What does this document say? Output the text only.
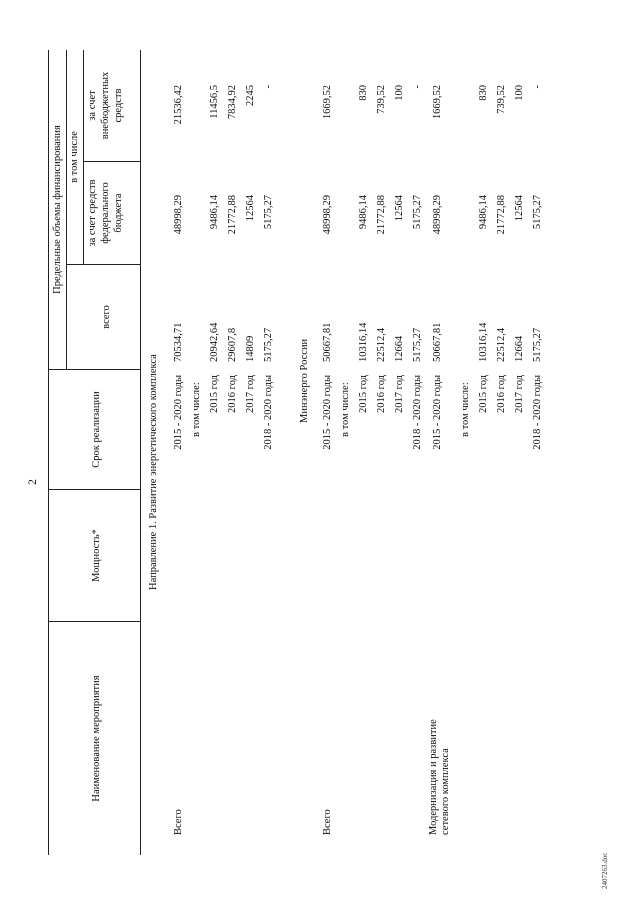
2
Наименование мероприятия
Мощность*
Срок реализации
Предельные объемы финансирования
всего
в том числе
за счет средств федерального бюджета
за счет внебюджетных средств
Направление 1. Развитие энергетического комплекса	Минэнерго России
Всего
2015 - 2020 годы
70534,71
48998,29
21536,42
в том числе: 2015 год
20942,64
9486,14
11456,5
2016 год
29607,8
21772,88
7834,92
2017 год
14809
12564
2245
2018 - 2020 годы
5175,27
5175,27
-
Всего
2015 - 2020 годы
50667,81
48998,29
1669,52
в том числе: 2015 год
10316,14
9486,14
830
2016 год
22512,4
21772,88
739,52
2017 год
12664
12564
100
2018 - 2020 годы
5175,27
5175,27
-
Модернизация и развитие сетевого комплекса
2015 - 2020 годы
50667,81
48998,29
1669,52
в том числе: 2015 год
10316,14
9486,14
830
2016 год
22512,4
21772,88
739,52
2017 год
12664
12564
100
2018 - 2020 годы
5175,27
5175,27
-
2407263.doc
